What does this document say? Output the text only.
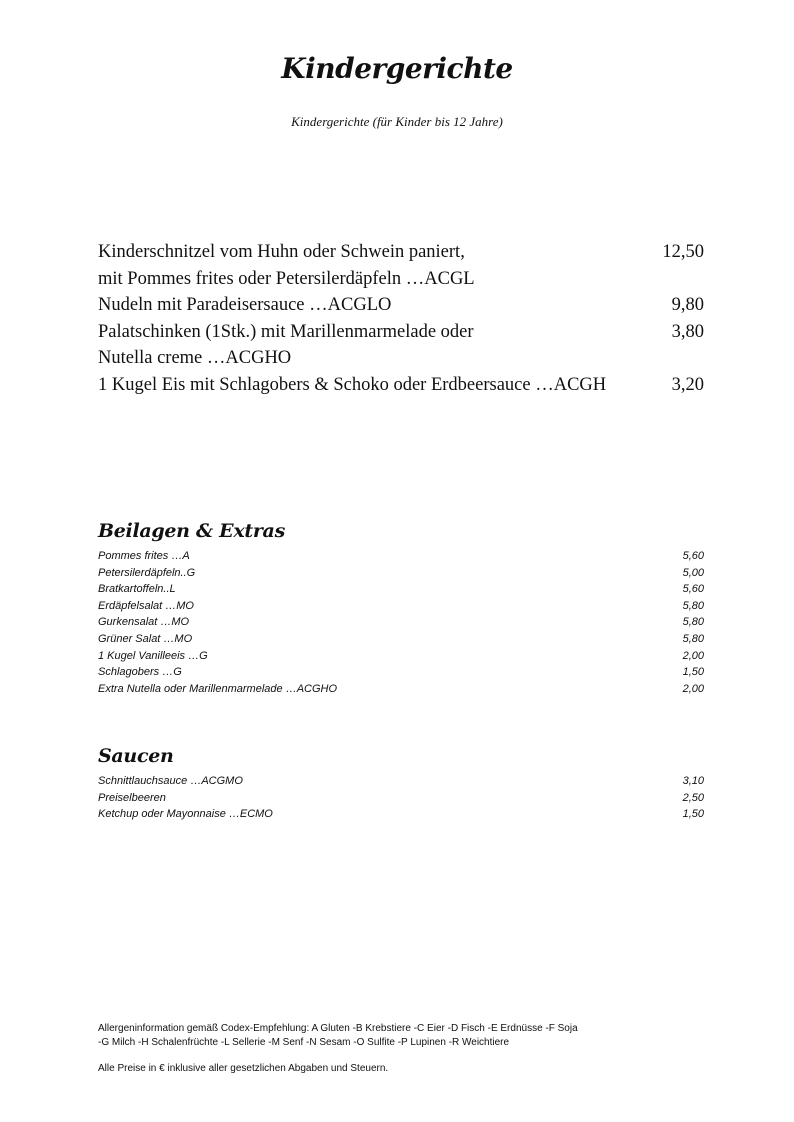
Kindergerichte
Kindergerichte (für Kinder bis 12 Jahre)
Kinderschnitzel vom Huhn oder Schwein paniert,	12,50
mit Pommes frites oder Petersilerdäpfeln …ACGL
Nudeln mit Paradeisersauce …ACGLO	9,80
Palatschinken (1Stk.) mit Marillenmarmelade oder	3,80
Nutella creme …ACGHO
1 Kugel Eis mit Schlagobers & Schoko oder Erdbeersauce …ACGH	3,20
Beilagen & Extras
Pommes frites …A	5,60
Petersilerdäpfeln..G	5,00
Bratkartoffeln..L	5,60
Erdäpfelsalat …MO	5,80
Gurkensalat …MO	5,80
Grüner Salat …MO	5,80
1 Kugel Vanilleeis …G	2,00
Schlagobers …G	1,50
Extra Nutella oder Marillenmarmelade …ACGHO	2,00
Saucen
Schnittlauchsauce …ACGMO	3,10
Preiselbeeren	2,50
Ketchup oder Mayonnaise …ECMO	1,50

Allergeninformation gemäß Codex-Empfehlung: A Gluten -B Krebstiere -C Eier -D Fisch -E Erdnüsse -F Soja

-G Milch -H Schalenfrüchte -L Sellerie -M Senf -N Sesam -O Sulfite -P Lupinen -R Weichtiere

Alle Preise in € inklusive aller gesetzlichen Abgaben und Steuern.
